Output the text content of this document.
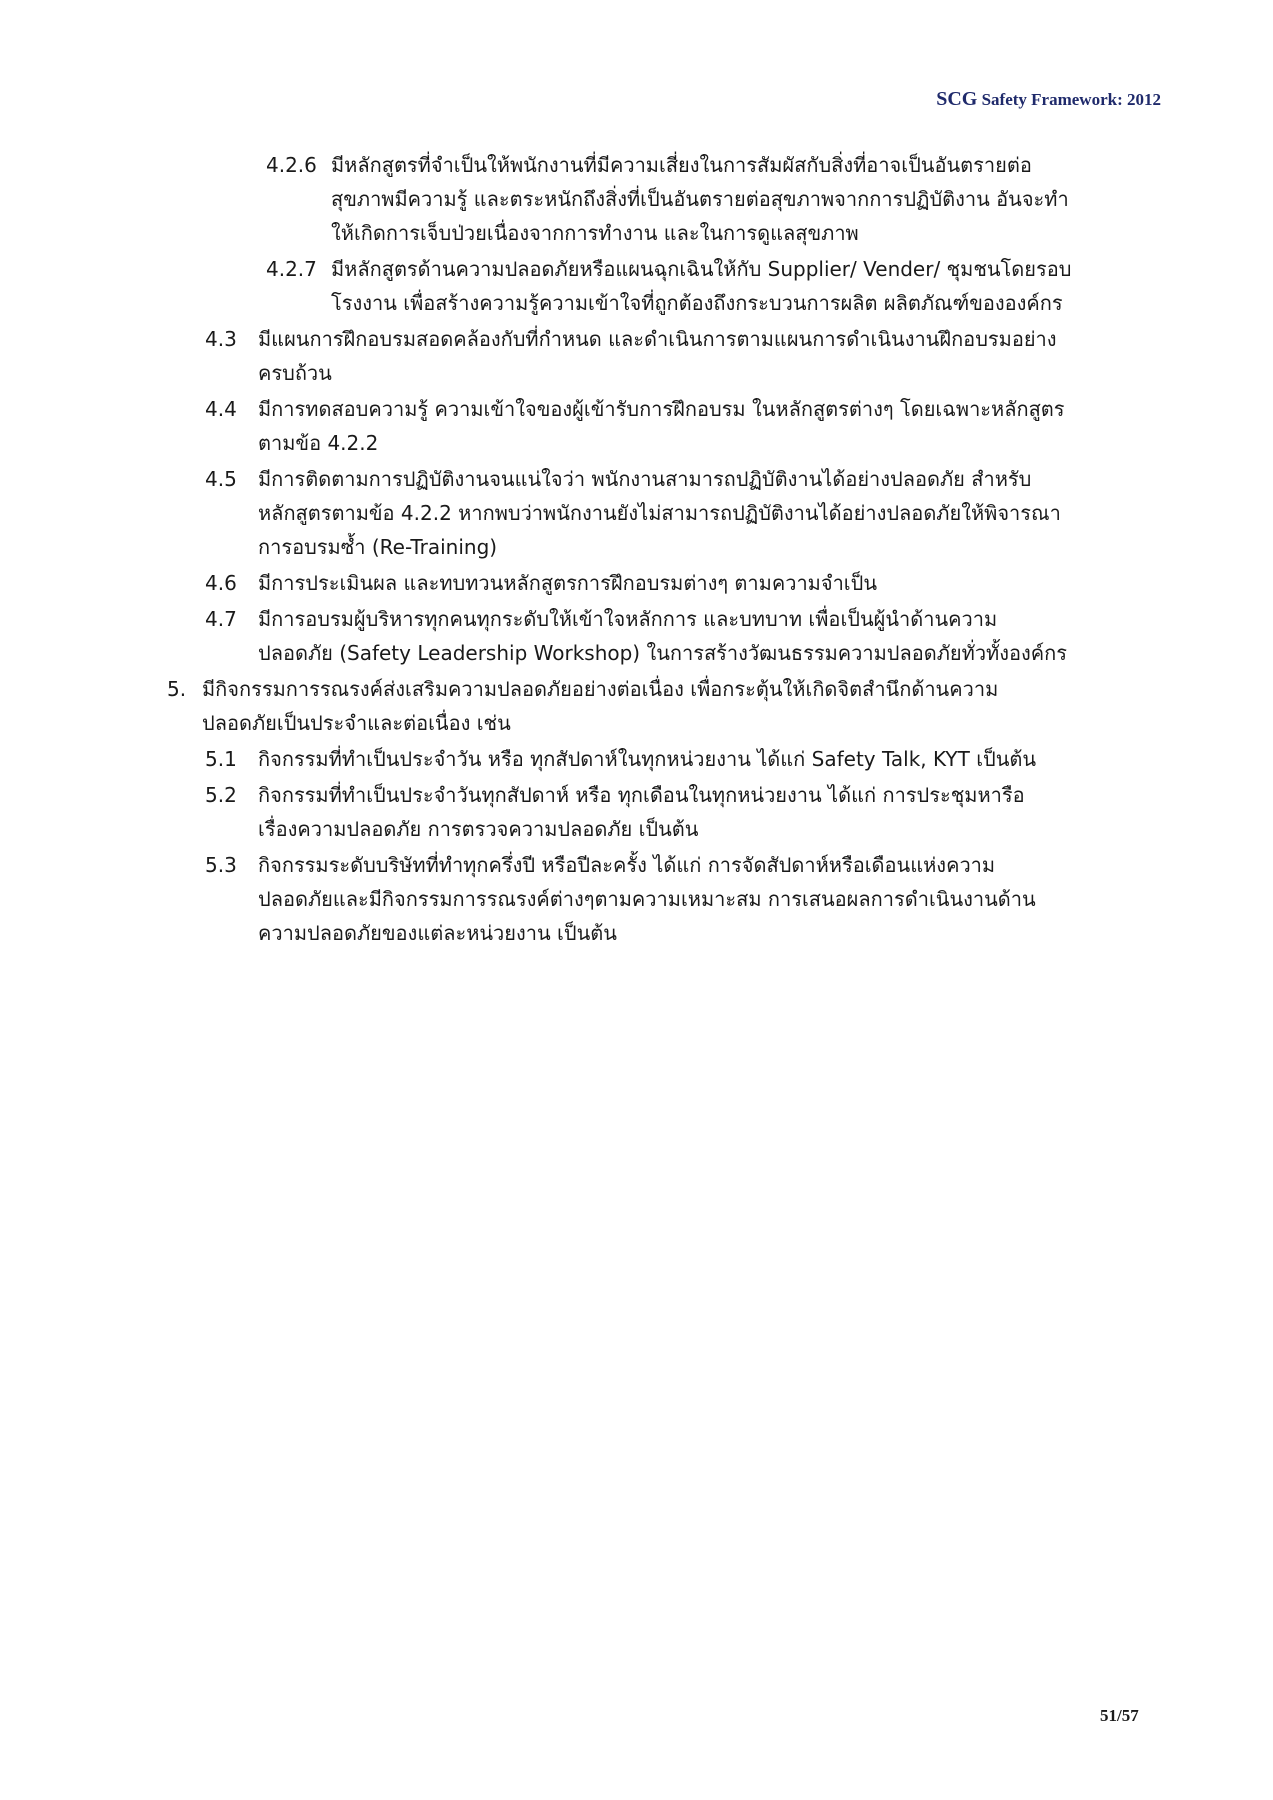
SCG Safety Framework: 2012
4.2.6 มีหลักสูตรที่จำเป็นให้พนักงานที่มีความเสี่ยงในการสัมผัสกับสิ่งที่อาจเป็นอันตรายต่อ
สุขภาพมีความรู้ และตระหนักถึงสิ่งที่เป็นอันตรายต่อสุขภาพจากการปฏิบัติงาน อันจะทำ
ให้เกิดการเจ็บป่วยเนื่องจากการทำงาน และในการดูแลสุขภาพ
4.2.7 มีหลักสูตรด้านความปลอดภัยหรือแผนฉุกเฉินให้กับ Supplier/ Vender/ ชุมชนโดยรอบ
โรงงาน เพื่อสร้างความรู้ความเข้าใจที่ถูกต้องถึงกระบวนการผลิต ผลิตภัณฑ์ขององค์กร
4.3 มีแผนการฝึกอบรมสอดคล้องกับที่กำหนด และดำเนินการตามแผนการดำเนินงานฝึกอบรมอย่าง
ครบถ้วน
4.4 มีการทดสอบความรู้ ความเข้าใจของผู้เข้ารับการฝึกอบรม ในหลักสูตรต่างๆ โดยเฉพาะหลักสูตร
ตามข้อ 4.2.2
4.5 มีการติดตามการปฏิบัติงานจนแน่ใจว่า พนักงานสามารถปฏิบัติงานได้อย่างปลอดภัย สำหรับ
หลักสูตรตามข้อ 4.2.2 หากพบว่าพนักงานยังไม่สามารถปฏิบัติงานได้อย่างปลอดภัยให้พิจารณา
การอบรมซ้ำ (Re-Training)
4.6 มีการประเมินผล และทบทวนหลักสูตรการฝึกอบรมต่างๆ ตามความจำเป็น
4.7 มีการอบรมผู้บริหารทุกคนทุกระดับให้เข้าใจหลักการ และบทบาท เพื่อเป็นผู้นำด้านความ
ปลอดภัย (Safety Leadership Workshop) ในการสร้างวัฒนธรรมความปลอดภัยทั่วทั้งองค์กร
5. มีกิจกรรมการรณรงค์ส่งเสริมความปลอดภัยอย่างต่อเนื่อง เพื่อกระตุ้นให้เกิดจิตสำนึกด้านความ
ปลอดภัยเป็นประจำและต่อเนื่อง เช่น
5.1 กิจกรรมที่ทำเป็นประจำวัน หรือ ทุกสัปดาห์ในทุกหน่วยงาน ได้แก่ Safety Talk, KYT เป็นต้น
5.2 กิจกรรมที่ทำเป็นประจำวันทุกสัปดาห์ หรือ ทุกเดือนในทุกหน่วยงาน ได้แก่ การประชุมหารือ
เรื่องความปลอดภัย การตรวจความปลอดภัย เป็นต้น
5.3 กิจกรรมระดับบริษัทที่ทำทุกครึ่งปี หรือปีละครั้ง ได้แก่ การจัดสัปดาห์หรือเดือนแห่งความ
ปลอดภัยและมีกิจกรรมการรณรงค์ต่างๆตามความเหมาะสม การเสนอผลการดำเนินงานด้าน
ความปลอดภัยของแต่ละหน่วยงาน เป็นต้น
51/57
